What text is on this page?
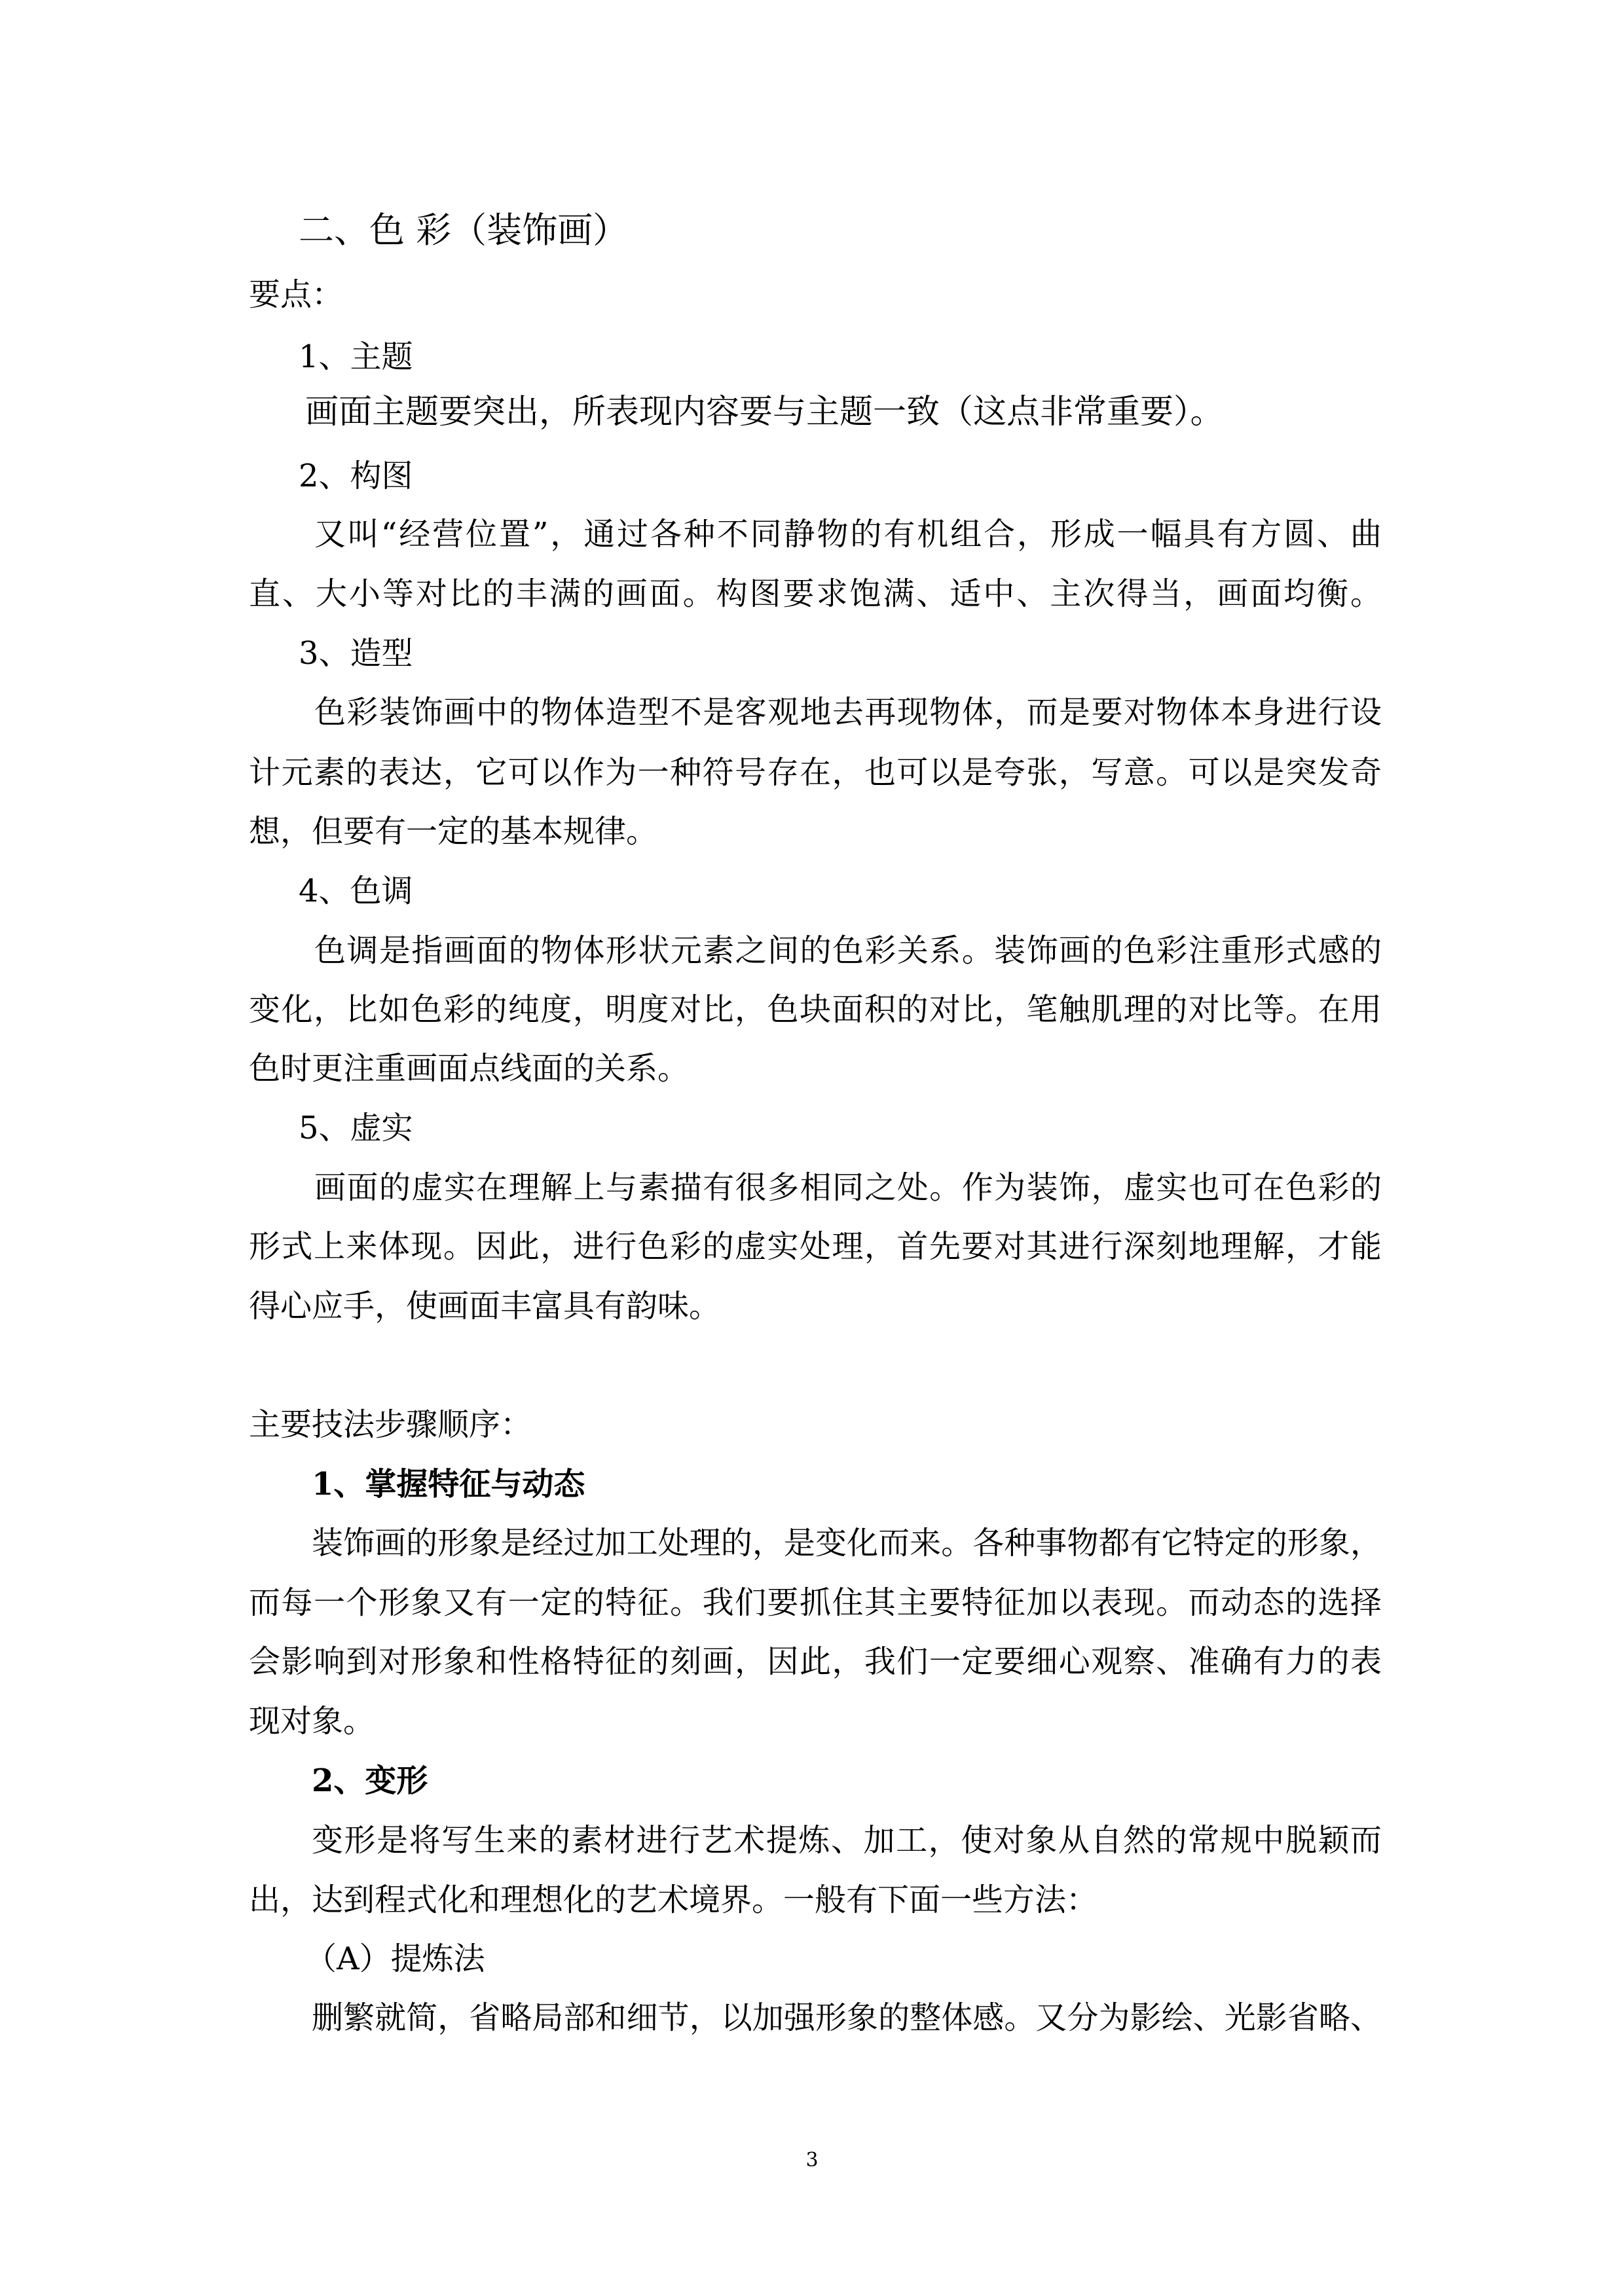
二、色 彩（装饰画）
要点：
1、主题
画面主题要突出，所表现内容要与主题一致（这点非常重要）。
2、构图
又叫“经营位置”，通过各种不同静物的有机组合，形成一幅具有方圆、曲
直、大小等对比的丰满的画面。构图要求饱满、适中、主次得当，画面均衡。
3、造型
色彩装饰画中的物体造型不是客观地去再现物体，而是要对物体本身进行设
计元素的表达，它可以作为一种符号存在，也可以是夸张，写意。可以是突发奇
想，但要有一定的基本规律。
4、色调
色调是指画面的物体形状元素之间的色彩关系。装饰画的色彩注重形式感的
变化，比如色彩的纯度，明度对比，色块面积的对比，笔触肌理的对比等。在用
色时更注重画面点线面的关系。
5、虚实
画面的虚实在理解上与素描有很多相同之处。作为装饰，虚实也可在色彩的
形式上来体现。因此，进行色彩的虚实处理，首先要对其进行深刻地理解，才能
得心应手，使画面丰富具有韵味。
主要技法步骤顺序：
1、掌握特征与动态
装饰画的形象是经过加工处理的，是变化而来。各种事物都有它特定的形象，
而每一个形象又有一定的特征。我们要抓住其主要特征加以表现。而动态的选择
会影响到对形象和性格特征的刻画，因此，我们一定要细心观察、准确有力的表
现对象。
2、变形
变形是将写生来的素材进行艺术提炼、加工，使对象从自然的常规中脱颖而
出，达到程式化和理想化的艺术境界。一般有下面一些方法：
（A）提炼法
删繁就简，省略局部和细节，以加强形象的整体感。又分为影绘、光影省略、
3
